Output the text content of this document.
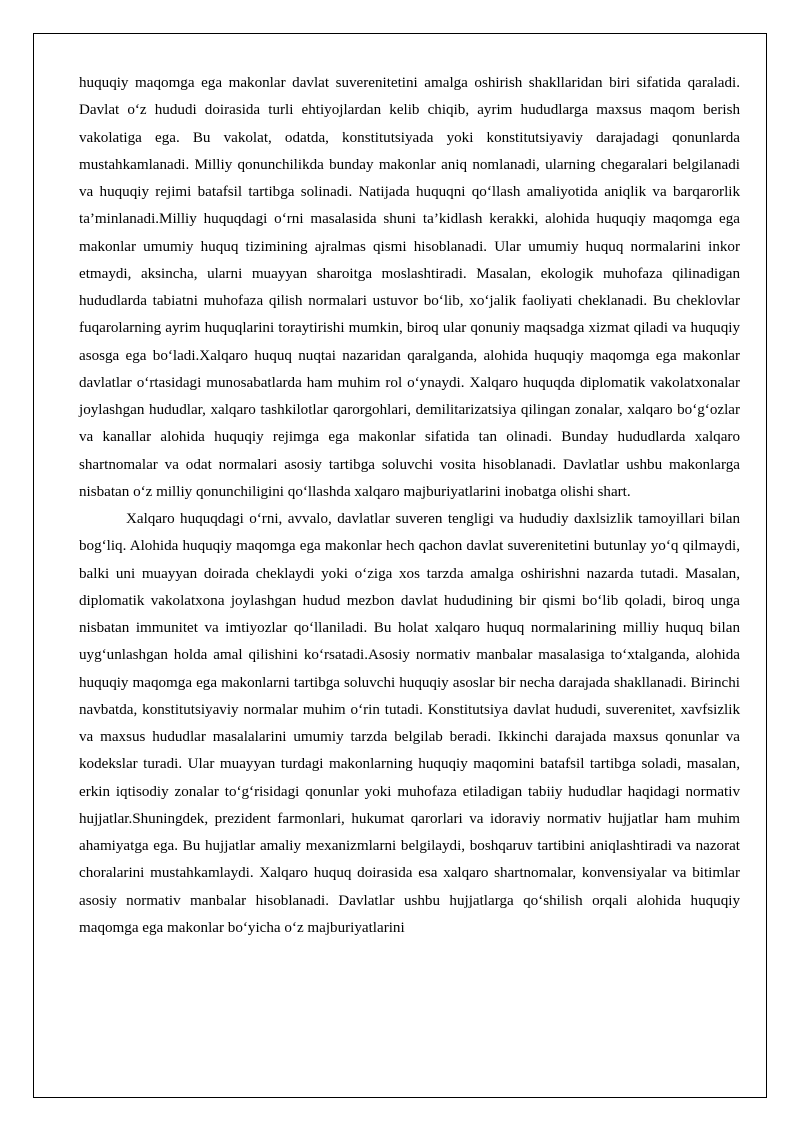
huquqiy maqomga ega makonlar davlat suverenitetini amalga oshirish shakllaridan biri sifatida qaraladi. Davlat o‘z hududi doirasida turli ehtiyojlardan kelib chiqib, ayrim hududlarga maxsus maqom berish vakolatiga ega. Bu vakolat, odatda, konstitutsiyada yoki konstitutsiyaviy darajadagi qonunlarda mustahkamlanadi. Milliy qonunchilikda bunday makonlar aniq nomlanadi, ularning chegaralari belgilanadi va huquqiy rejimi batafsil tartibga solinadi. Natijada huquqni qo‘llash amaliyotida aniqlik va barqarorlik ta’minlanadi.Milliy huquqdagi o‘rni masalasida shuni ta’kidlash kerakki, alohida huquqiy maqomga ega makonlar umumiy huquq tizimining ajralmas qismi hisoblanadi. Ular umumiy huquq normalarini inkor etmaydi, aksincha, ularni muayyan sharoitga moslashtiradi. Masalan, ekologik muhofaza qilinadigan hududlarda tabiatni muhofaza qilish normalari ustuvor bo‘lib, xo‘jalik faoliyati cheklanadi. Bu cheklovlar fuqarolarning ayrim huquqlarini toraytirishi mumkin, biroq ular qonuniy maqsadga xizmat qiladi va huquqiy asosga ega bo‘ladi.Xalqaro huquq nuqtai nazaridan qaralganda, alohida huquqiy maqomga ega makonlar davlatlar o‘rtasidagi munosabatlarda ham muhim rol o‘ynaydi. Xalqaro huquqda diplomatik vakolatxonalar joylashgan hududlar, xalqaro tashkilotlar qarorgohlari, demilitarizatsiya qilingan zonalar, xalqaro bo‘g‘ozlar va kanallar alohida huquqiy rejimga ega makonlar sifatida tan olinadi. Bunday hududlarda xalqaro shartnomalar va odat normalari asosiy tartibga soluvchi vosita hisoblanadi. Davlatlar ushbu makonlarga nisbatan o‘z milliy qonunchiligini qo‘llashda xalqaro majburiyatlarini inobatga olishi shart.

Xalqaro huquqdagi o‘rni, avvalo, davlatlar suveren tengligi va hududiy daxlsizlik tamoyillari bilan bog‘liq. Alohida huquqiy maqomga ega makonlar hech qachon davlat suverenitetini butunlay yo‘q qilmaydi, balki uni muayyan doirada cheklaydi yoki o‘ziga xos tarzda amalga oshirishni nazarda tutadi. Masalan, diplomatik vakolatxona joylashgan hudud mezbon davlat hududining bir qismi bo‘lib qoladi, biroq unga nisbatan immunitet va imtiyozlar qo‘llaniladi. Bu holat xalqaro huquq normalarining milliy huquq bilan uyg‘unlashgan holda amal qilishini ko‘rsatadi.Asosiy normativ manbalar masalasiga to‘xtalganda, alohida huquqiy maqomga ega makonlarni tartibga soluvchi huquqiy asoslar bir necha darajada shakllanadi. Birinchi navbatda, konstitutsiyaviy normalar muhim o‘rin tutadi. Konstitutsiya davlat hududi, suverenitet, xavfsizlik va maxsus hududlar masalalarini umumiy tarzda belgilab beradi. Ikkinchi darajada maxsus qonunlar va kodekslar turadi. Ular muayyan turdagi makonlarning huquqiy maqomini batafsil tartibga soladi, masalan, erkin iqtisodiy zonalar to‘g‘risidagi qonunlar yoki muhofaza etiladigan tabiiy hududlar haqidagi normativ hujjatlar.Shuningdek, prezident farmonlari, hukumat qarorlari va idoraviy normativ hujjatlar ham muhim ahamiyatga ega. Bu hujjatlar amaliy mexanizmlarni belgilaydi, boshqaruv tartibini aniqlashtiradi va nazorat choralarini mustahkamlaydi. Xalqaro huquq doirasida esa xalqaro shartnomalar, konvensiyalar va bitimlar asosiy normativ manbalar hisoblanadi. Davlatlar ushbu hujjatlarga qo‘shilish orqali alohida huquqiy maqomga ega makonlar bo‘yicha o‘z majburiyatlarini
